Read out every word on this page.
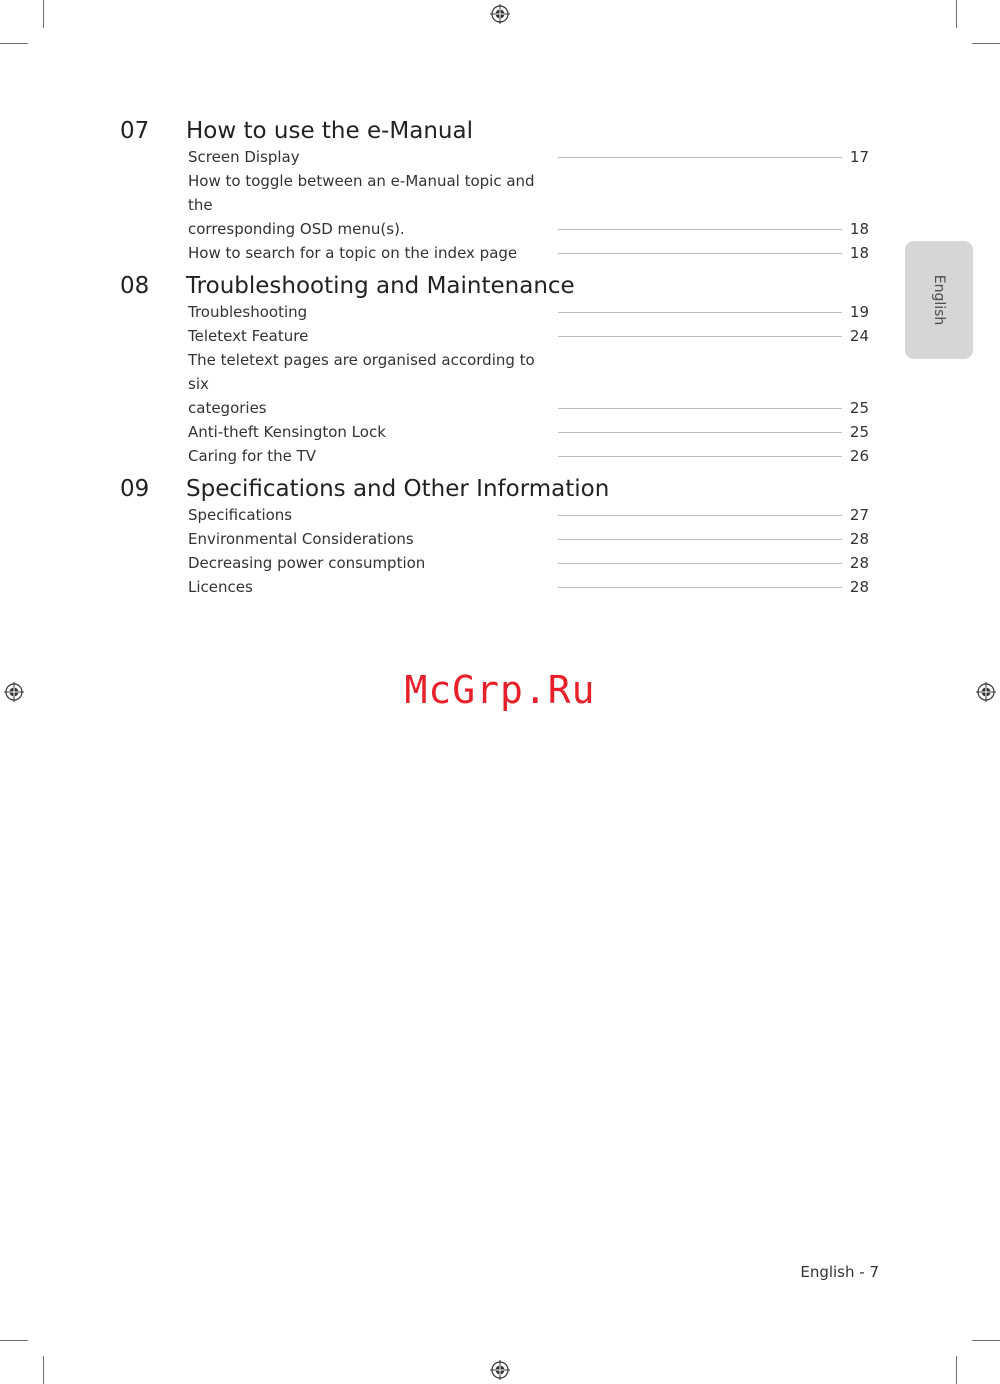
English
07 How to use the e-Manual
Screen Display	17
How to toggle between an e-Manual topic and the
corresponding OSD menu(s).	18
How to search for a topic on the index page	18
08 Troubleshooting and Maintenance
Troubleshooting	19
Teletext Feature	24
The teletext pages are organised according to six
categories	25
Anti-theft Kensington Lock	25
Caring for the TV	26
09 Specifications and Other Information
Specifications	27
Environmental Considerations	28
Decreasing power consumption	28
Licences	28
McGrp.Ru
English - 7
